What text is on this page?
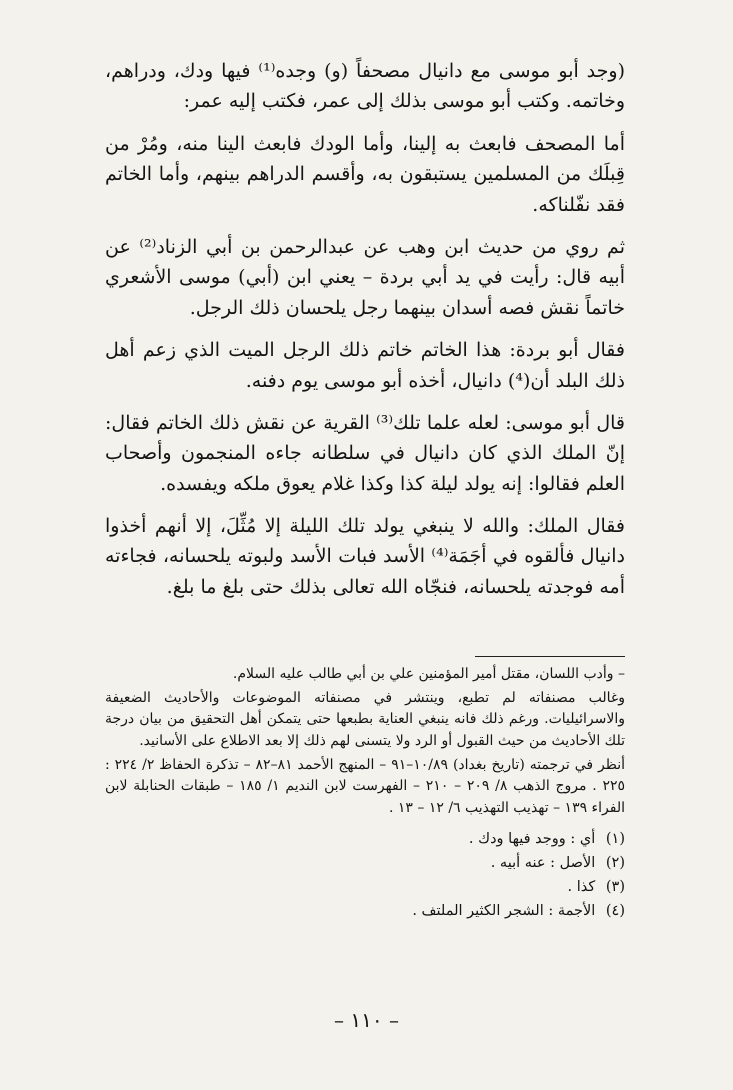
(وجد أبو موسى مع دانيال مصحفاً (و) وجده⁽¹⁾ فيها ودك، ودراهم، وخاتمه. وكتب أبو موسى بذلك إلى عمر، فكتب إليه عمر:

أما المصحف فابعث به إلينا، وأما الودك فابعث الينا منه، ومُرْ من قِبلَك من المسلمين يستبقون به، وأقسم الدراهم بينهم، وأما الخاتم فقد نفّلناكه.

ثم روي من حديث ابن وهب عن عبدالرحمن بن أبي الزناد⁽²⁾ عن أبيه قال: رأيت في يد أبي بردة – يعني ابن (أبي) موسى الأشعري خاتماً نقش فصه أسدان بينهما رجل يلحسان ذلك الرجل.

فقال أبو بردة: هذا الخاتم خاتم ذلك الرجل الميت الذي زعم أهل ذلك البلد أن(⁴) دانيال، أخذه أبو موسى يوم دفنه.

قال أبو موسى: لعله علما تلك⁽³⁾ القرية عن نقش ذلك الخاتم فقال: إنّ الملك الذي كان دانيال في سلطانه جاءه المنجمون وأصحاب العلم فقالوا: إنه يولد ليلة كذا وكذا غلام يعوق ملكه ويفسده.

فقال الملك: والله لا ينبغي يولد تلك الليلة إلا مُثِّلَ، إلا أنهم أخذوا دانيال فألقوه في أجَمَة⁽⁴⁾ الأسد فبات الأسد ولبوته يلحسانه، فجاءته أمه فوجدته يلحسانه، فنجّاه الله تعالى بذلك حتى بلغ ما بلغ.

– وأدب اللسان، مقتل أمير المؤمنين علي بن أبي طالب عليه السلام.

وغالب مصنفاته لم تطبع، وينتشر في مصنفاته الموضوعات والأحاديث الضعيفة والاسرائيليات. ورغم ذلك فانه ينبغي العناية بطبعها حتى يتمكن أهل التحقيق من بيان درجة تلك الأحاديث من حيث القبول أو الرد ولا يتسنى لهم ذلك إلا بعد الاطلاع على الأسانيد.

أنظر في ترجمته (تاريخ بغداد) ١٠/٨٩–٩١ – المنهج الأحمد ٨١–٨٢ – تذكرة الحفاظ ٢/ ٢٢٤ : ٢٢٥ . مروج الذهب ٨/ ٢٠٩ – ٢١٠ – الفهرست لابن النديم ١/ ١٨٥ – طبقات الحنابلة لابن الفراء ١٣٩ – تهذيب التهذيب ٦/ ١٢ – ١٣ .

(١) أي : ووجد فيها ودك .

(٢) الأصل : عنه أبيه .

(٣) كذا .

(٤) الأجمة : الشجر الكثير الملتف .

– ١١٠ –
